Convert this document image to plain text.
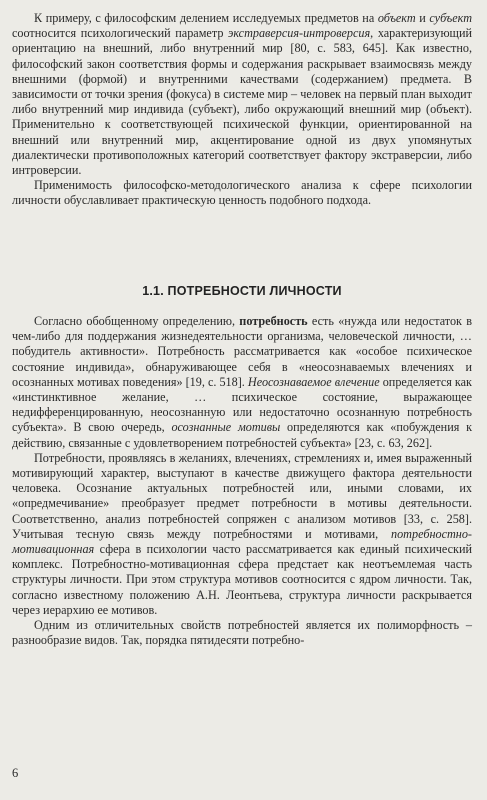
К примеру, с философским делением исследуемых предметов на объект и субъект соотносится психологический параметр экстраверсия-интроверсия, характеризующий ориентацию на внешний, либо внутренний мир [80, с. 583, 645]. Как известно, философский закон соответствия формы и содержания раскрывает взаимосвязь между внешними (формой) и внутренними качествами (содержанием) предмета. В зависимости от точки зрения (фокуса) в системе мир – человек на первый план выходит либо внутренний мир индивида (субъект), либо окружающий внешний мир (объект). Применительно к соответствующей психической функции, ориентированной на внешний или внутренний мир, акцентирование одной из двух упомянутых диалектически противоположных категорий соответствует фактору экстраверсии, либо интроверсии.

Применимость философско-методологического анализа к сфере психологии личности обуславливает практическую ценность подобного подхода.

1.1. ПОТРЕБНОСТИ ЛИЧНОСТИ

Согласно обобщенному определению, потребность есть «нужда или недостаток в чем-либо для поддержания жизнедеятельности организма, человеческой личности, … побудитель активности». Потребность рассматривается как «особое психическое состояние индивида», обнаруживающее себя в «неосознаваемых влечениях и осознанных мотивах поведения» [19, с. 518]. Неосознаваемое влечение определяется как «инстинктивное желание, … психическое состояние, выражающее недифференцированную, неосознанную или недостаточно осознанную потребность субъекта». В свою очередь, осознанные мотивы определяются как «побуждения к действию, связанные с удовлетворением потребностей субъекта» [23, с. 63, 262].

Потребности, проявляясь в желаниях, влечениях, стремлениях и, имея выраженный мотивирующий характер, выступают в качестве движущего фактора деятельности человека. Осознание актуальных потребностей или, иными словами, их «опредмечивание» преобразует предмет потребности в мотивы деятельности. Соответственно, анализ потребностей сопряжен с анализом мотивов [33, с. 258]. Учитывая тесную связь между потребностями и мотивами, потребностно-мотивационная сфера в психологии часто рассматривается как единый психический комплекс. Потребностно-мотивационная сфера предстает как неотъемлемая часть структуры личности. При этом структура мотивов соотносится с ядром личности. Так, согласно известному положению А.Н. Леонтьева, структура личности раскрывается через иерархию ее мотивов.

Одним из отличительных свойств потребностей является их полиморфность – разнообразие видов. Так, порядка пятидесяти потребно-

6
